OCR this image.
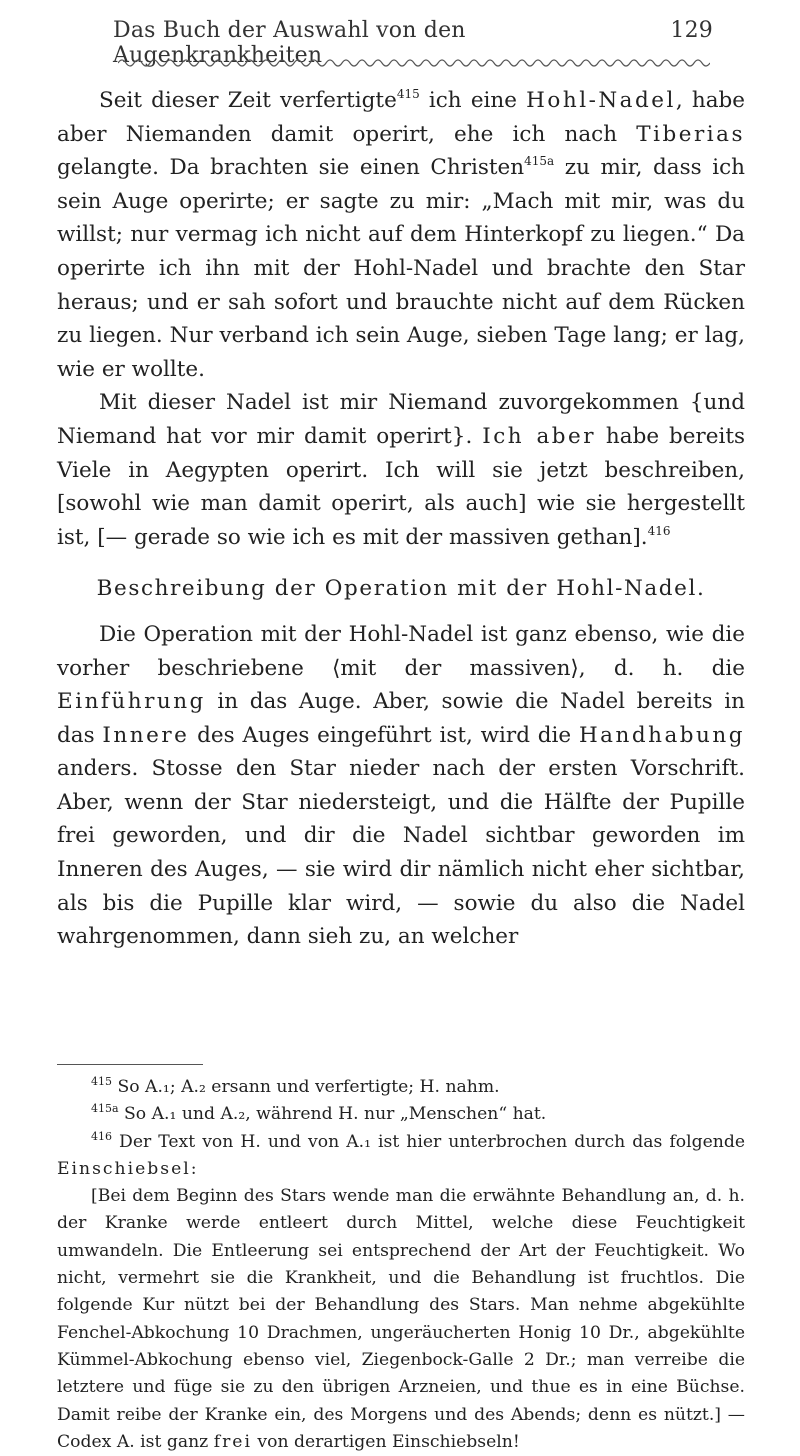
Das Buch der Auswahl von den Augenkrankheiten
129

Seit dieser Zeit verfertigte$^{415}$ ich eine Hohl-Nadel, habe aber Niemanden damit operirt, ehe ich nach Tiberias gelangte. Da brachten sie einen Christen$^{415a}$ zu mir, dass ich sein Auge operirte; er sagte zu mir: „Mach mit mir, was du willst; nur vermag ich nicht auf dem Hinterkopf zu liegen.“ Da operirte ich ihn mit der Hohl-Nadel und brachte den Star heraus; und er sah sofort und brauchte nicht auf dem Rücken zu liegen. Nur verband ich sein Auge, sieben Tage lang; er lag, wie er wollte.

Mit dieser Nadel ist mir Niemand zuvorgekommen {und Niemand hat vor mir damit operirt}. Ich aber habe bereits Viele in Aegypten operirt. Ich will sie jetzt beschreiben, [sowohl wie man damit operirt, als auch] wie sie hergestellt ist, [— gerade so wie ich es mit der massiven gethan].$^{416}$

Beschreibung der Operation mit der Hohl-Nadel.

Die Operation mit der Hohl-Nadel ist ganz ebenso, wie die vorher beschriebene ⟨mit der massiven⟩, d. h. die Einführung in das Auge. Aber, sowie die Nadel bereits in das Innere des Auges eingeführt ist, wird die Handhabung anders. Stosse den Star nieder nach der ersten Vorschrift. Aber, wenn der Star niedersteigt, und die Hälfte der Pupille frei geworden, und dir die Nadel sichtbar geworden im Inneren des Auges, — sie wird dir nämlich nicht eher sichtbar, als bis die Pupille klar wird, — sowie du also die Nadel wahrgenommen, dann sieh zu, an welcher

$^{415}$ So A.₁; A.₂ ersann und verfertigte; H. nahm.

$^{415a}$ So A.₁ und A.₂, während H. nur „Menschen“ hat.

$^{416}$ Der Text von H. und von A.₁ ist hier unterbrochen durch das folgende Einschiebsel:

[Bei dem Beginn des Stars wende man die erwähnte Behandlung an, d. h. der Kranke werde entleert durch Mittel, welche diese Feuchtigkeit umwandeln. Die Entleerung sei entsprechend der Art der Feuchtigkeit. Wo nicht, vermehrt sie die Krankheit, und die Behandlung ist fruchtlos. Die folgende Kur nützt bei der Behandlung des Stars. Man nehme abgekühlte Fenchel-Abkochung 10 Drachmen, ungeräucherten Honig 10 Dr., abgekühlte Kümmel-Abkochung ebenso viel, Ziegenbock-Galle 2 Dr.; man verreibe die letztere und füge sie zu den übrigen Arzneien, und thue es in eine Büchse. Damit reibe der Kranke ein, des Morgens und des Abends; denn es nützt.] — Codex A. ist ganz frei von derartigen Einschiebseln!
